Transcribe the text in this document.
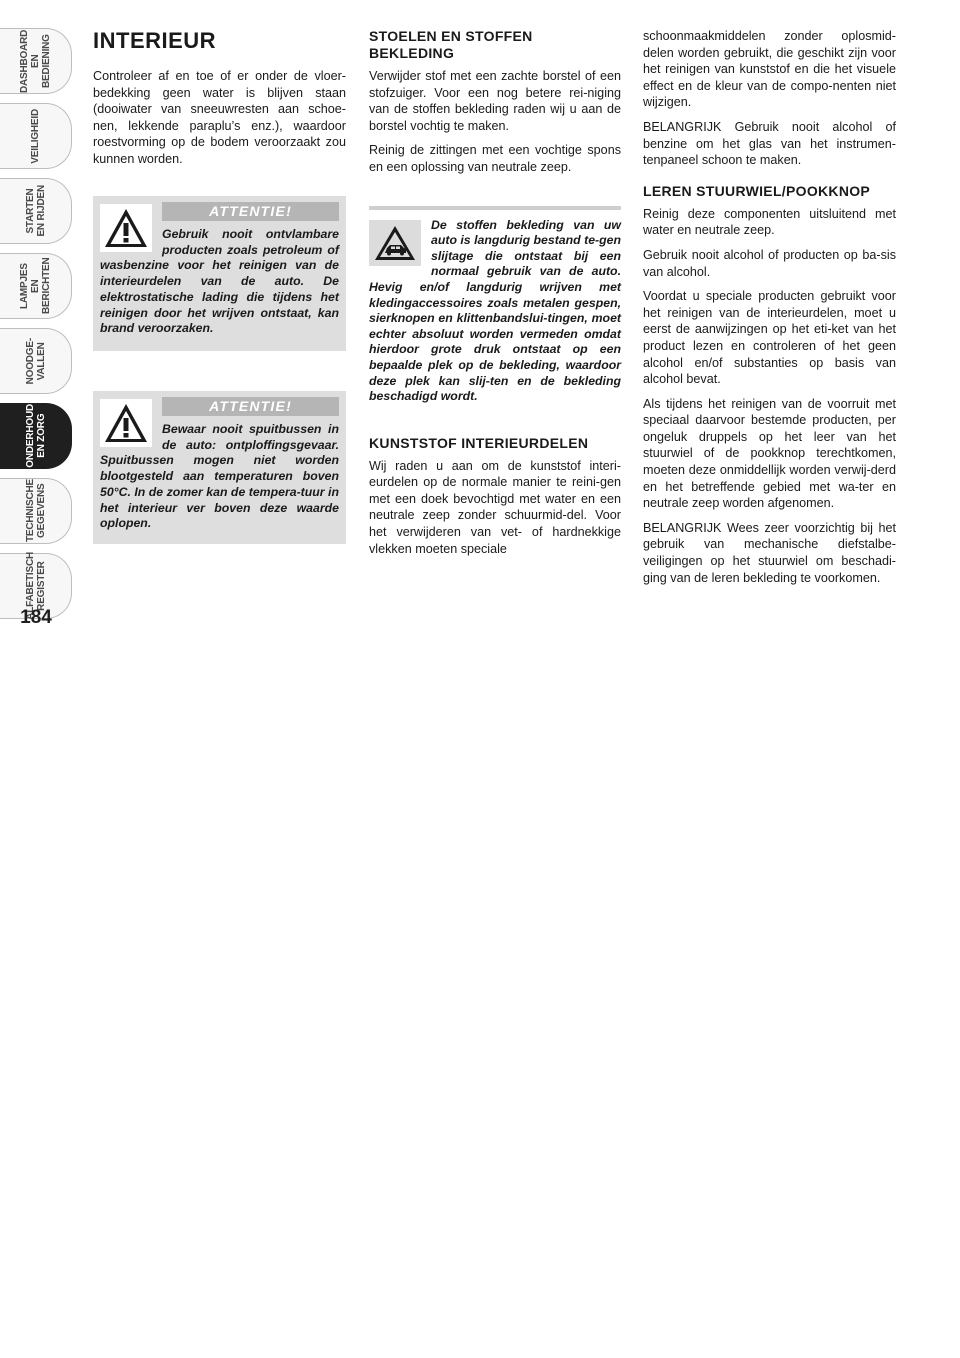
DASHBOARD
EN BEDIENING
VEILIGHEID
STARTEN
EN RIJDEN
LAMPJES
EN BERICHTEN
NOODGE-
VALLEN
ONDERHOUD
EN ZORG
TECHNISCHE
GEGEVENS
ALFABETISCH
REGISTER
184
INTERIEUR

Controleer af en toe of er onder de vloer-bedekking geen water is blijven staan (dooiwater van sneeuwresten aan schoe-nen, lekkende paraplu’s enz.), waardoor roestvorming op de bodem veroorzaakt zou kunnen worden.

ATTENTIE!

Gebruik nooit ontvlambare producten zoals petroleum of wasbenzine voor het reinigen van de interieurdelen van de auto. De elektrostatische lading die tijdens het reinigen door het wrijven ontstaat, kan brand veroorzaken.

ATTENTIE!

Bewaar nooit spuitbussen in de auto: ontploffingsgevaar. Spuitbussen mogen niet worden blootgesteld aan temperaturen boven 50°C. In de zomer kan de tempera-tuur in het interieur ver boven deze waarde oplopen.

STOELEN EN STOFFEN BEKLEDING

Verwijder stof met een zachte borstel of een stofzuiger. Voor een nog betere rei-niging van de stoffen bekleding raden wij u aan de borstel vochtig te maken.

Reinig de zittingen met een vochtige spons en een oplossing van neutrale zeep.

De stoffen bekleding van uw auto is langdurig bestand te-gen slijtage die ontstaat bij een normaal gebruik van de auto. Hevig en/of langdurig wrijven met kledingaccessoires zoals metalen gespen, sierknopen en klittenbandslui-tingen, moet echter absoluut worden vermeden omdat hierdoor grote druk ontstaat op een bepaalde plek op de bekleding, waardoor deze plek kan slij-ten en de bekleding beschadigd wordt.

KUNSTSTOF INTERIEURDELEN

Wij raden u aan om de kunststof interi-eurdelen op de normale manier te reini-gen met een doek bevochtigd met water en een neutrale zeep zonder schuurmid-del. Voor het verwijderen van vet- of hardnekkige vlekken moeten speciale

schoonmaakmiddelen zonder oplosmid-delen worden gebruikt, die geschikt zijn voor het reinigen van kunststof en die het visuele effect en de kleur van de compo-nenten niet wijzigen.

BELANGRIJK Gebruik nooit alcohol of benzine om het glas van het instrumen-tenpaneel schoon te maken.

LEREN STUURWIEL/POOKKNOP

Reinig deze componenten uitsluitend met water en neutrale zeep.

Gebruik nooit alcohol of producten op ba-sis van alcohol.

Voordat u speciale producten gebruikt voor het reinigen van de interieurdelen, moet u eerst de aanwijzingen op het eti-ket van het product lezen en controleren of het geen alcohol en/of substanties op basis van alcohol bevat.

Als tijdens het reinigen van de voorruit met speciaal daarvoor bestemde producten, per ongeluk druppels op het leer van het stuurwiel of de pookknop terechtkomen, moeten deze onmiddellijk worden verwij-derd en het betreffende gebied met wa-ter en neutrale zeep worden afgenomen.

BELANGRIJK Wees zeer voorzichtig bij het gebruik van mechanische diefstalbe-veiligingen op het stuurwiel om beschadi-ging van de leren bekleding te voorkomen.
